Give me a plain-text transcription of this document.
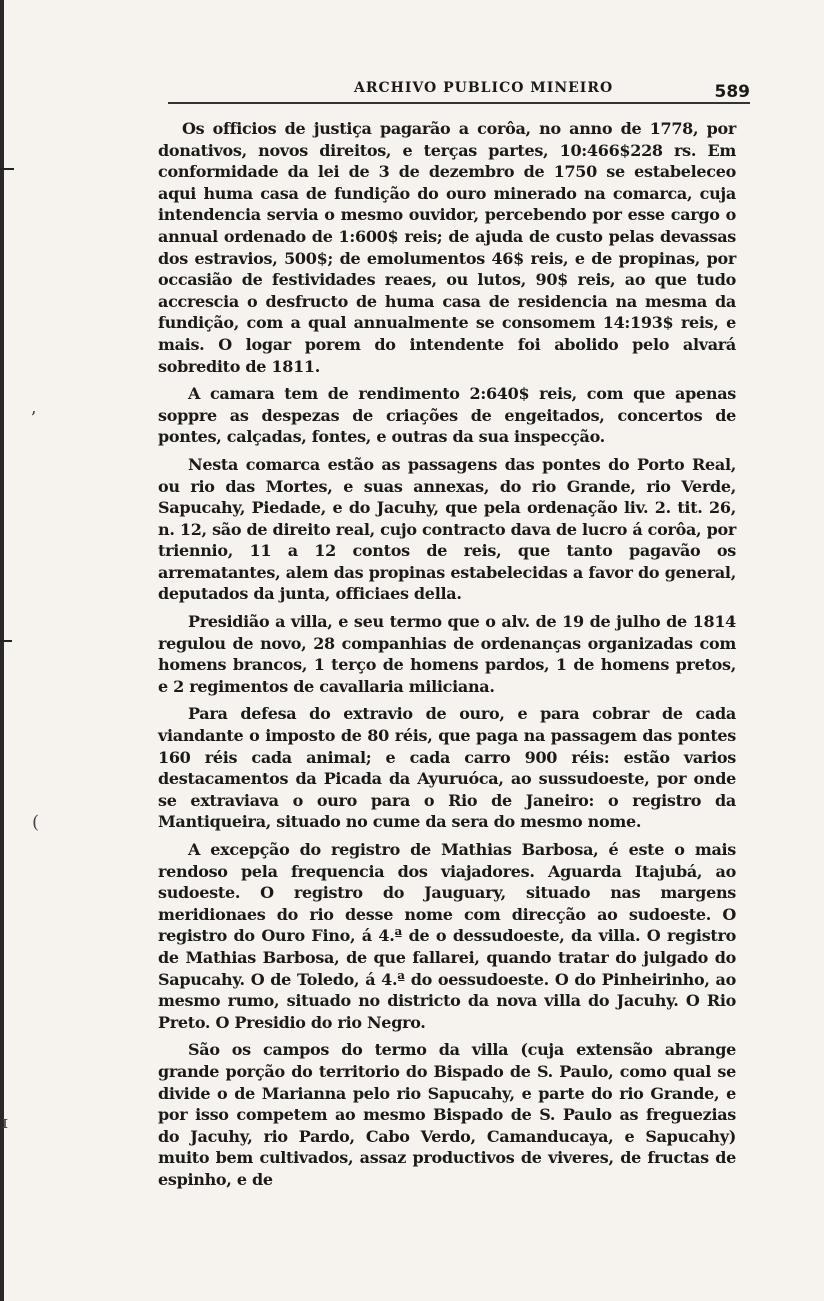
ʼ
(
ɪ
ARCHIVO PUBLICO MINEIRO	589

Os officios de justiça pagarão a corôa, no anno de 1778, por donativos, novos direitos, e terças partes, 10:466$228 rs. Em conformidade da lei de 3 de dezembro de 1750 se estabeleceo aqui huma casa de fundição do ouro minerado na comarca, cuja intendencia servia o mesmo ouvidor, percebendo por esse cargo o annual ordenado de 1:600$ reis; de ajuda de custo pelas devassas dos estravios, 500$; de emolumentos 46$ reis, e de propinas, por occasião de festividades reaes, ou lutos, 90$ reis, ao que tudo accrescia o desfructo de huma casa de residencia na mesma da fundição, com a qual annualmente se consomem 14:193$ reis, e mais. O logar porem do intendente foi abolido pelo alvará sobredito de 1811.

A camara tem de rendimento 2:640$ reis, com que apenas soppre as despezas de criações de engeitados, concertos de pontes, calçadas, fontes, e outras da sua inspecção.

Nesta comarca estão as passagens das pontes do Porto Real, ou rio das Mortes, e suas annexas, do rio Grande, rio Verde, Sapucahy, Piedade, e do Jacuhy, que pela ordenação liv. 2. tit. 26, n. 12, são de direito real, cujo contracto dava de lucro á corôa, por triennio, 11 a 12 contos de reis, que tanto pagavão os arrematantes, alem das propinas estabelecidas a favor do general, deputados da junta, officiaes della.

Presidião a villa, e seu termo que o alv. de 19 de julho de 1814 regulou de novo, 28 companhias de ordenanças organizadas com homens brancos, 1 terço de homens pardos, 1 de homens pretos, e 2 regimentos de cavallaria miliciana.

Para defesa do extravio de ouro, e para cobrar de cada viandante o imposto de 80 réis, que paga na passagem das pontes 160 réis cada animal; e cada carro 900 réis: estão varios destacamentos da Picada da Ayuruóca, ao sussudoeste, por onde se extraviava o ouro para o Rio de Janeiro: o registro da Mantiqueira, situado no cume da sera do mesmo nome.

A excepção do registro de Mathias Barbosa, é este o mais rendoso pela frequencia dos viajadores. Aguarda Itajubá, ao sudoeste. O registro do Jauguary, situado nas margens meridionaes do rio desse nome com direcção ao sudoeste. O registro do Ouro Fino, á 4.ª de o dessudoeste, da villa. O registro de Mathias Barbosa, de que fallarei, quando tratar do julgado do Sapucahy. O de Toledo, á 4.ª do oessudoeste. O do Pinheirinho, ao mesmo rumo, situado no districto da nova villa do Jacuhy. O Rio Preto. O Presidio do rio Negro.

São os campos do termo da villa (cuja extensão abrange grande porção do territorio do Bispado de S. Paulo, como qual se divide o de Marianna pelo rio Sapucahy, e parte do rio Grande, e por isso competem ao mesmo Bispado de S. Paulo as freguezias do Jacuhy, rio Pardo, Cabo Verdo, Camanducaya, e Sapucahy) muito bem cultivados, assaz productivos de viveres, de fructas de espinho, e de
